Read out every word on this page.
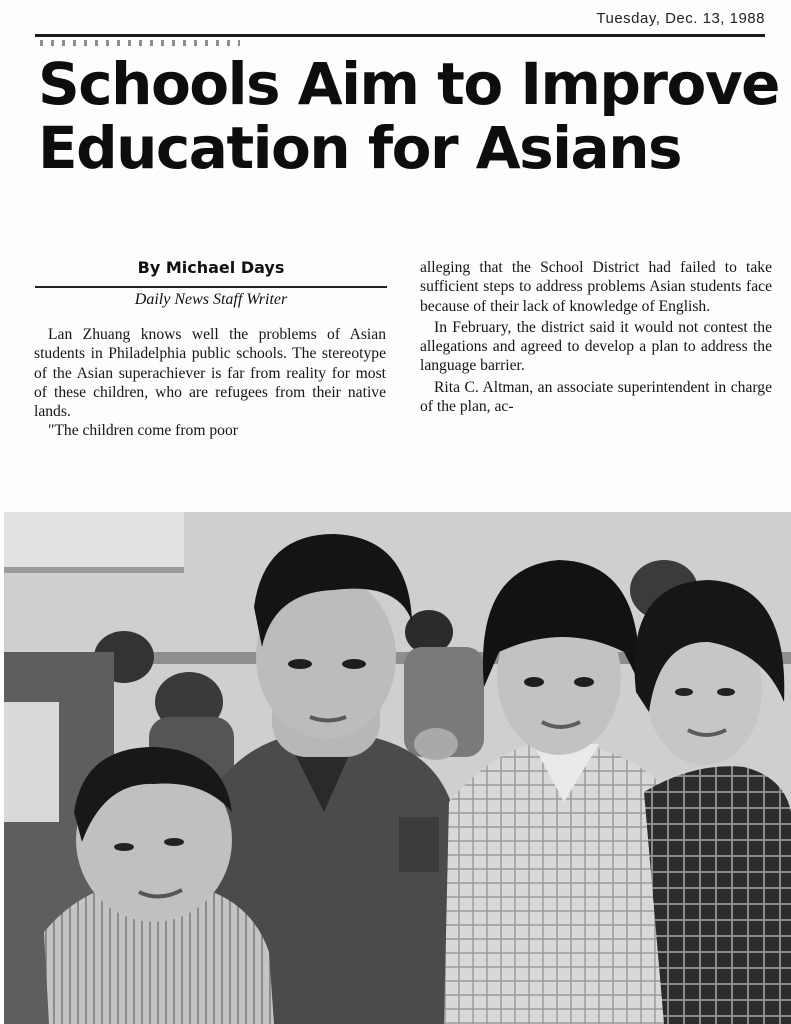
Tuesday, Dec. 13, 1988
Schools Aim to Improve
Education for Asians
By Michael Days
Daily News Staff Writer

Lan Zhuang knows well the problems of Asian students in Philadelphia public schools. The stereotype of the Asian superachiever is far from reality for most of these children, who are refugees from their native lands.

"The children come from poor

alleging that the School District had failed to take sufficient steps to address problems Asian students face because of their lack of knowledge of English.

In February, the district said it would not contest the allegations and agreed to develop a plan to address the language barrier.

Rita C. Altman, an associate superintendent in charge of the plan, ac-
